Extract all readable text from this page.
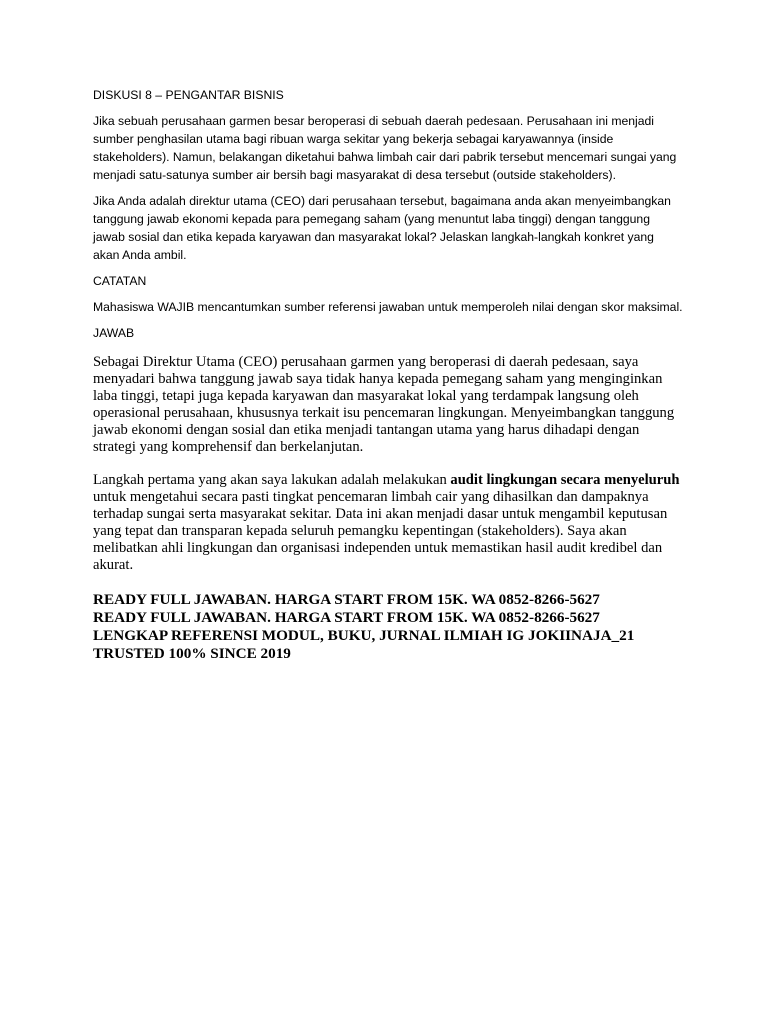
DISKUSI 8 – PENGANTAR BISNIS

Jika sebuah perusahaan garmen besar beroperasi di sebuah daerah pedesaan. Perusahaan ini menjadi sumber penghasilan utama bagi ribuan warga sekitar yang bekerja sebagai karyawannya (inside stakeholders). Namun, belakangan diketahui bahwa limbah cair dari pabrik tersebut mencemari sungai yang menjadi satu-satunya sumber air bersih bagi masyarakat di desa tersebut (outside stakeholders).

Jika Anda adalah direktur utama (CEO) dari perusahaan tersebut, bagaimana anda akan menyeimbangkan tanggung jawab ekonomi kepada para pemegang saham (yang menuntut laba tinggi) dengan tanggung jawab sosial dan etika kepada karyawan dan masyarakat lokal? Jelaskan langkah-langkah konkret yang akan Anda ambil.

CATATAN

Mahasiswa WAJIB mencantumkan sumber referensi jawaban untuk memperoleh nilai dengan skor maksimal.

JAWAB

Sebagai Direktur Utama (CEO) perusahaan garmen yang beroperasi di daerah pedesaan, saya menyadari bahwa tanggung jawab saya tidak hanya kepada pemegang saham yang menginginkan laba tinggi, tetapi juga kepada karyawan dan masyarakat lokal yang terdampak langsung oleh operasional perusahaan, khususnya terkait isu pencemaran lingkungan. Menyeimbangkan tanggung jawab ekonomi dengan sosial dan etika menjadi tantangan utama yang harus dihadapi dengan strategi yang komprehensif dan berkelanjutan.

Langkah pertama yang akan saya lakukan adalah melakukan audit lingkungan secara menyeluruh untuk mengetahui secara pasti tingkat pencemaran limbah cair yang dihasilkan dan dampaknya terhadap sungai serta masyarakat sekitar. Data ini akan menjadi dasar untuk mengambil keputusan yang tepat dan transparan kepada seluruh pemangku kepentingan (stakeholders). Saya akan melibatkan ahli lingkungan dan organisasi independen untuk memastikan hasil audit kredibel dan akurat.

READY FULL JAWABAN. HARGA START FROM 15K. WA 0852-8266-5627

READY FULL JAWABAN. HARGA START FROM 15K. WA 0852-8266-5627

LENGKAP REFERENSI MODUL, BUKU, JURNAL ILMIAH IG JOKIINAJA_21

TRUSTED 100% SINCE 2019
